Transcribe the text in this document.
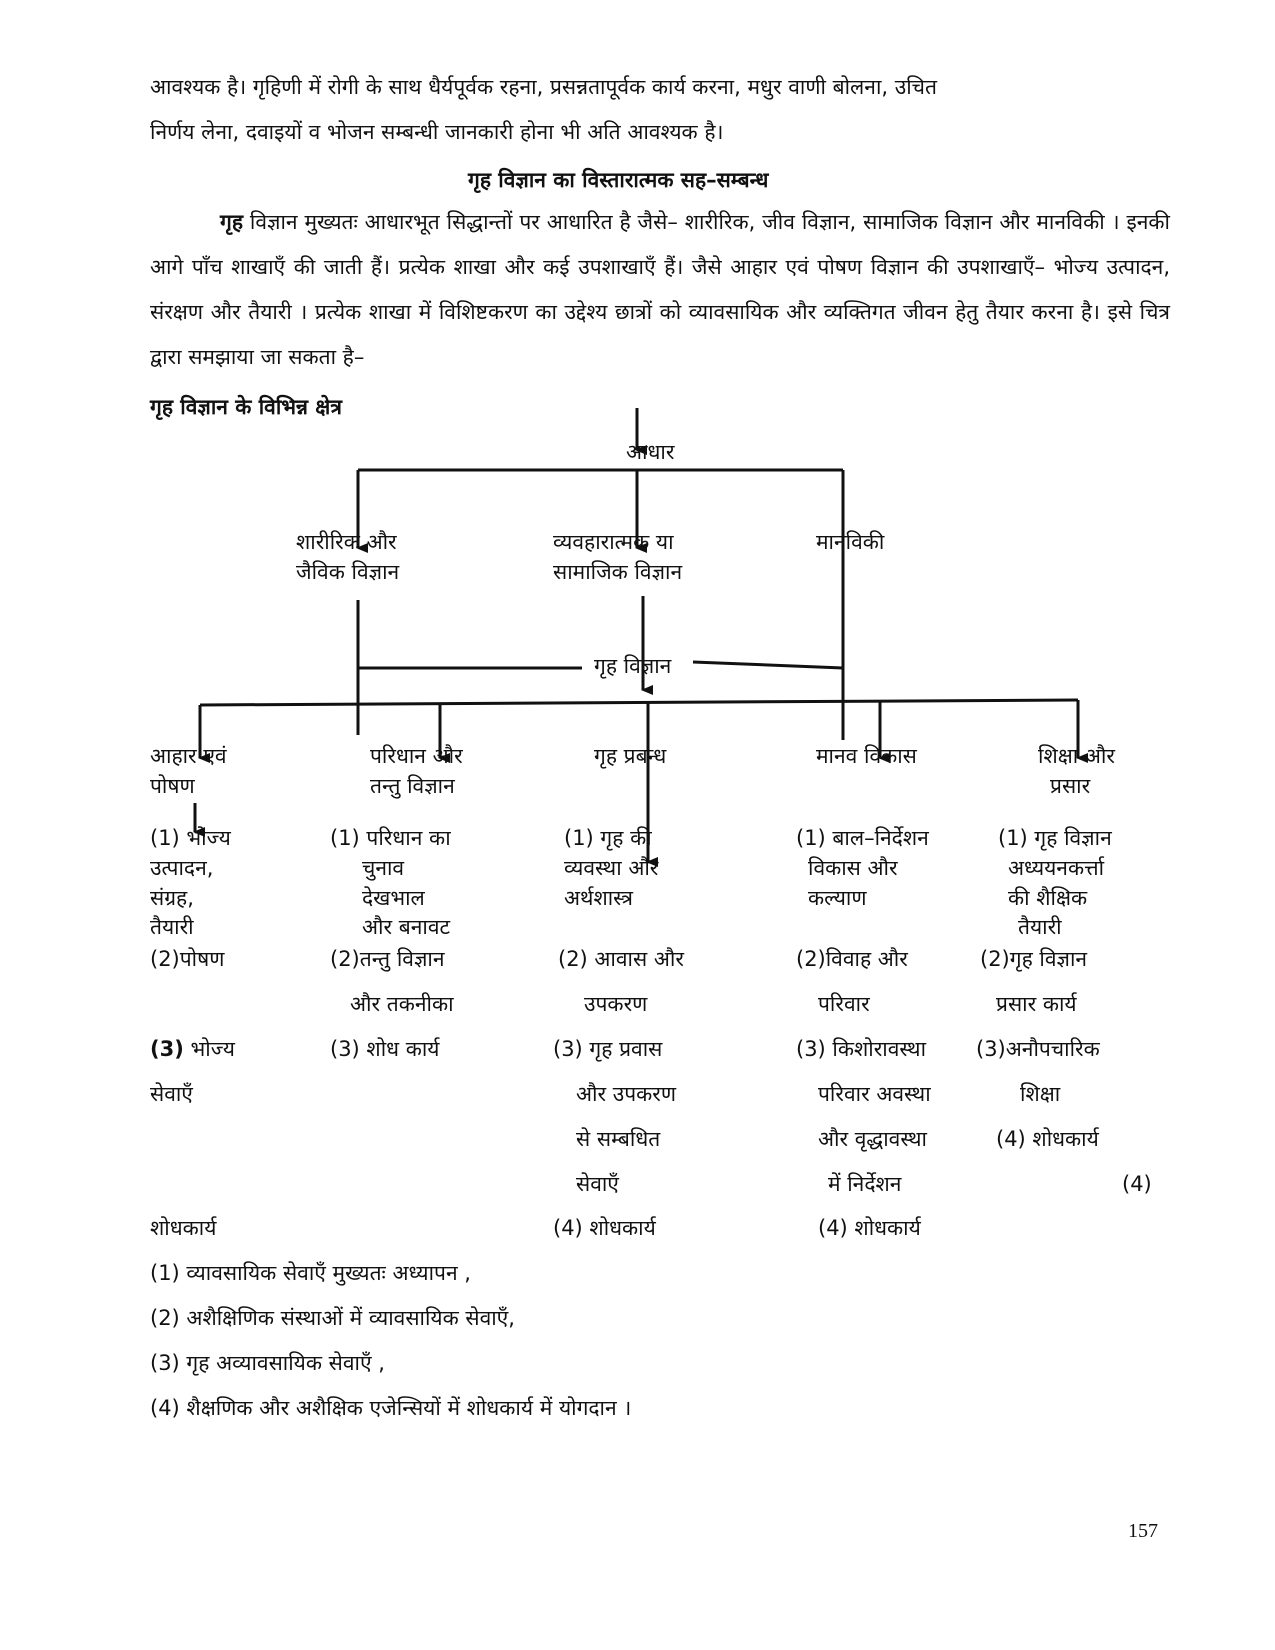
आवश्यक है। गृहिणी में रोगी के साथ धैर्यपूर्वक रहना, प्रसन्नतापूर्वक कार्य करना, मधुर वाणी बोलना, उचित
निर्णय लेना, दवाइयों व भोजन सम्बन्धी जानकारी होना भी अति आवश्यक है।
गृह विज्ञान का विस्तारात्मक सह–सम्बन्ध
गृह विज्ञान मुख्यतः आधारभूत सिद्धान्तों पर आधारित है जैसे– शारीरिक, जीव विज्ञान, सामाजिक विज्ञान और मानविकी । इनकी आगे पाँच शाखाएँ की जाती हैं। प्रत्येक शाखा और कई उपशाखाएँ हैं। जैसे आहार एवं पोषण विज्ञान की उपशाखाएँ– भोज्य उत्पादन, संरक्षण और तैयारी । प्रत्येक शाखा में विशिष्टकरण का उद्देश्य छात्रों को व्यावसायिक और व्यक्तिगत जीवन हेतु तैयार करना है। इसे चित्र द्वारा समझाया जा सकता है–
गृह विज्ञान के विभिन्न क्षेत्र
आधार
शारीरिक और
जैविक विज्ञान
व्यवहारात्मक या
सामाजिक विज्ञान
मानविकी
गृह विज्ञान
आहार एवं
पोषण
परिधान और
तन्तु विज्ञान
गृह प्रबन्ध	मानव विकास	शिक्षा और
प्रसार
(1) भोज्य
उत्पादन,
संग्रह,
तैयारी
(2)पोषण
(3) भोज्य
सेवाएँ
शोधकार्य
(1) परिधान का
चुनाव
देखभाल
और बनावट
(2)तन्तु विज्ञान
और तकनीका
(3) शोध कार्य
(1) गृह की
व्यवस्था और
अर्थशास्त्र
(2) आवास और
उपकरण
(3) गृह प्रवास
और उपकरण
से सम्बधित
सेवाएँ
(4) शोधकार्य
(1) बाल–निर्देशन
विकास और
कल्याण
(2)विवाह और
परिवार
(3) किशोरावस्था
परिवार अवस्था
और वृद्धावस्था
में निर्देशन
(4) शोधकार्य
(1) गृह विज्ञान
अध्ययनकर्त्ता
की शैक्षिक
तैयारी
(2)गृह विज्ञान
प्रसार कार्य
(3)अनौपचारिक
शिक्षा
(4) शोधकार्य
(4)
(1) व्यावसायिक सेवाएँ मुख्यतः अध्यापन ,
(2) अशैक्षिणिक संस्थाओं में व्यावसायिक सेवाएँ,
(3) गृह अव्यावसायिक सेवाएँ ,
(4) शैक्षणिक और अशैक्षिक एजेन्सियों में शोधकार्य में योगदान ।
157
